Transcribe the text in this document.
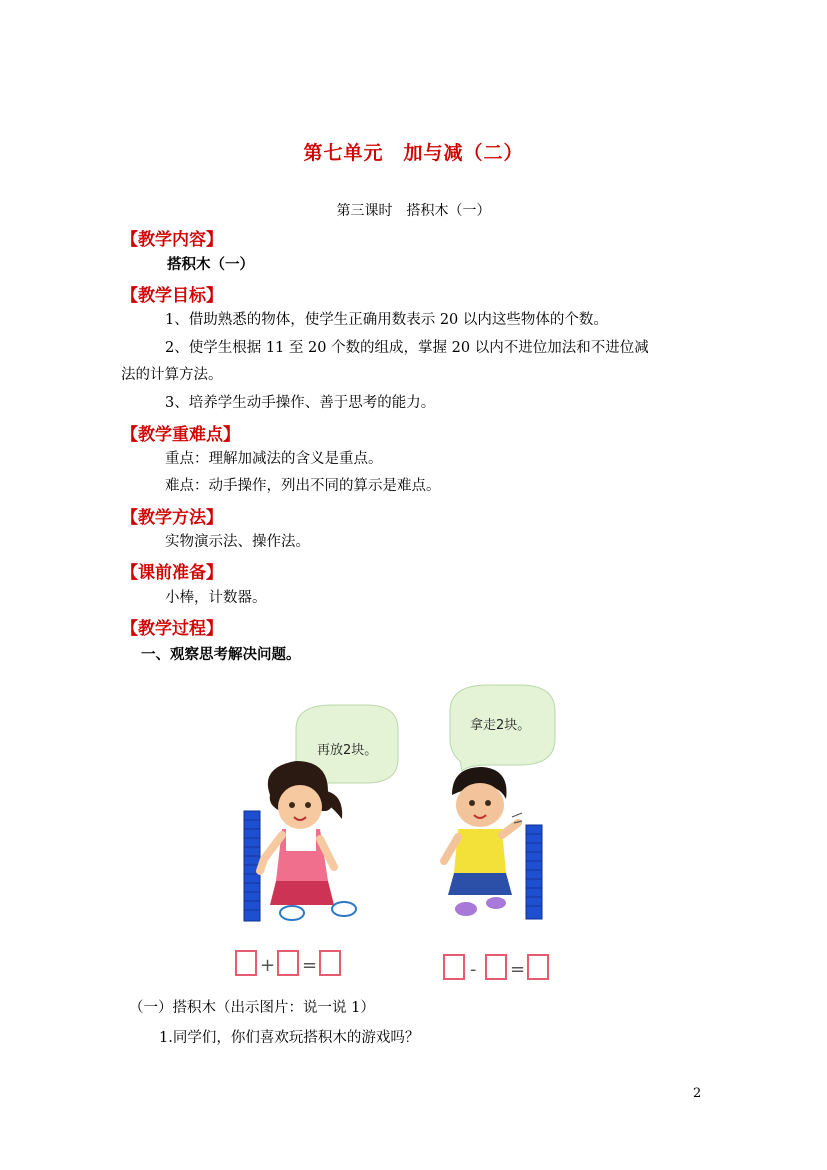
第七单元　加与减（二）
第三课时　搭积木（一）
【教学内容】
搭积木（一）
【教学目标】
1、借助熟悉的物体，使学生正确用数表示 20 以内这些物体的个数。
2、使学生根据 11 至 20 个数的组成，掌握 20 以内不进位加法和不进位减
法的计算方法。
3、培养学生动手操作、善于思考的能力。
【教学重难点】
重点：理解加减法的含义是重点。
难点：动手操作，列出不同的算示是难点。
【教学方法】
实物演示法、操作法。
【课前准备】
小棒，计数器。
【教学过程】
一、观察思考解决问题。
再放2块。
拿走2块。
+ =	- =
（一）搭积木（出示图片：说一说 1）
1.同学们，你们喜欢玩搭积木的游戏吗？
2
